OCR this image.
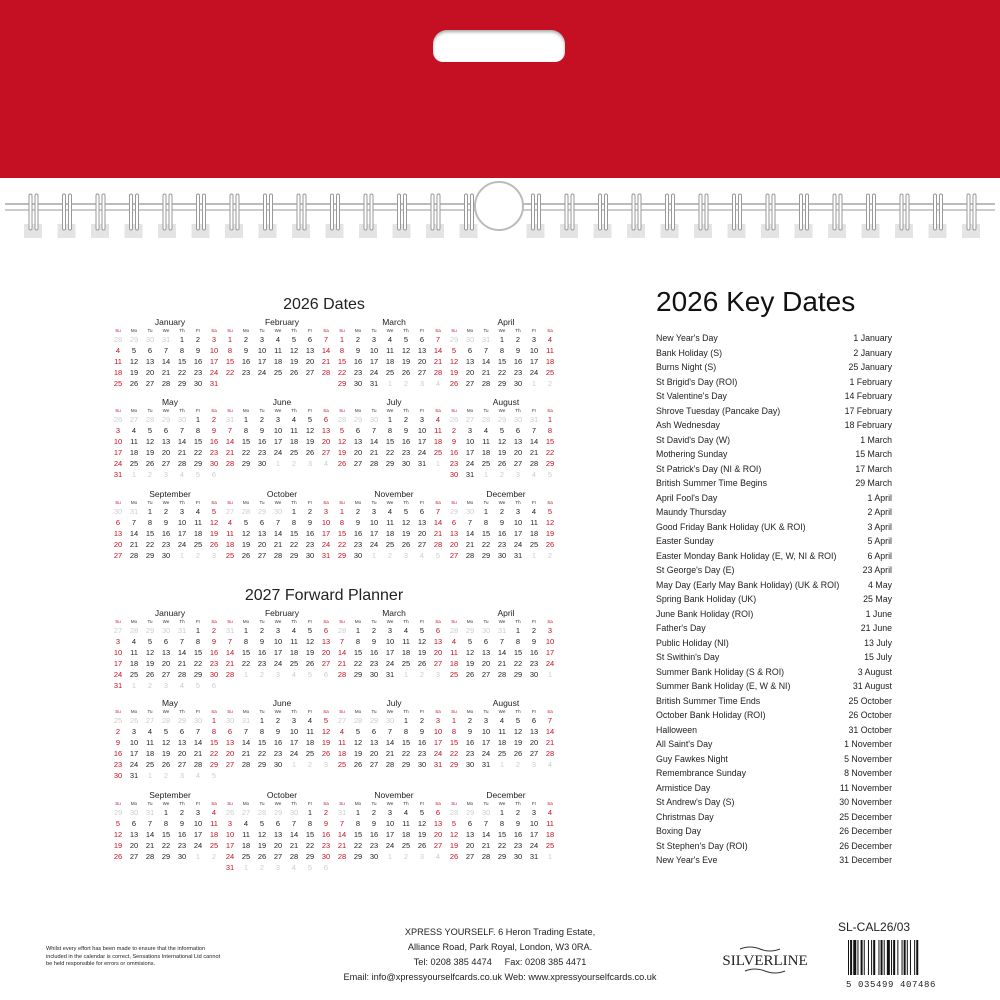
2026 Dates
2027 Forward Planner
January
Su	Mo	Tu	We	Th	Fr	Sa
28	29	30	31	1	2	3
4	5	6	7	8	9	10
11	12	13	14	15	16	17
18	19	20	21	22	23	24
25	26	27	28	29	30	31
February
Su	Mo	Tu	We	Th	Fr	Sa
1	2	3	4	5	6	7
8	9	10	11	12	13	14
15	16	17	18	19	20	21
22	23	24	25	26	27	28
March
Su	Mo	Tu	We	Th	Fr	Sa
1	2	3	4	5	6	7
8	9	10	11	12	13	14
15	16	17	18	19	20	21
22	23	24	25	26	27	28
29	30	31	1	2	3	4
April
Su	Mo	Tu	We	Th	Fr	Sa
29	30	31	1	2	3	4
5	6	7	8	9	10	11
12	13	14	15	16	17	18
19	20	21	22	23	24	25
26	27	28	29	30	1	2
May
Su	Mo	Tu	We	Th	Fr	Sa
26	27	28	29	30	1	2
3	4	5	6	7	8	9
10	11	12	13	14	15	16
17	18	19	20	21	22	23
24	25	26	27	28	29	30
31	1	2	3	4	5	6
June
Su	Mo	Tu	We	Th	Fr	Sa
31	1	2	3	4	5	6
7	8	9	10	11	12	13
14	15	16	17	18	19	20
21	22	23	24	25	26	27
28	29	30	1	2	3	4
July
Su	Mo	Tu	We	Th	Fr	Sa
28	29	30	1	2	3	4
5	6	7	8	9	10	11
12	13	14	15	16	17	18
19	20	21	22	23	24	25
26	27	28	29	30	31	1
August
Su	Mo	Tu	We	Th	Fr	Sa
26	27	28	29	30	31	1
2	3	4	5	6	7	8
9	10	11	12	13	14	15
16	17	18	19	20	21	22
23	24	25	26	27	28	29
30	31	1	2	3	4	5
September
Su	Mo	Tu	We	Th	Fr	Sa
30	31	1	2	3	4	5
6	7	8	9	10	11	12
13	14	15	16	17	18	19
20	21	22	23	24	25	26
27	28	29	30	1	2	3
October
Su	Mo	Tu	We	Th	Fr	Sa
27	28	29	30	1	2	3
4	5	6	7	8	9	10
11	12	13	14	15	16	17
18	19	20	21	22	23	24
25	26	27	28	29	30	31
November
Su	Mo	Tu	We	Th	Fr	Sa
1	2	3	4	5	6	7
8	9	10	11	12	13	14
15	16	17	18	19	20	21
22	23	24	25	26	27	28
29	30	1	2	3	4	5
December
Su	Mo	Tu	We	Th	Fr	Sa
29	30	1	2	3	4	5
6	7	8	9	10	11	12
13	14	15	16	17	18	19
20	21	22	23	24	25	26
27	28	29	30	31	1	2
January
Su	Mo	Tu	We	Th	Fr	Sa
27	28	29	30	31	1	2
3	4	5	6	7	8	9
10	11	12	13	14	15	16
17	18	19	20	21	22	23
24	25	26	27	28	29	30
31	1	2	3	4	5	6
February
Su	Mo	Tu	We	Th	Fr	Sa
31	1	2	3	4	5	6
7	8	9	10	11	12	13
14	15	16	17	18	19	20
21	22	23	24	25	26	27
28	1	2	3	4	5	6
March
Su	Mo	Tu	We	Th	Fr	Sa
28	1	2	3	4	5	6
7	8	9	10	11	12	13
14	15	16	17	18	19	20
21	22	23	24	25	26	27
28	29	30	31	1	2	3
April
Su	Mo	Tu	We	Th	Fr	Sa
28	29	30	31	1	2	3
4	5	6	7	8	9	10
11	12	13	14	15	16	17
18	19	20	21	22	23	24
25	26	27	28	29	30	1
May
Su	Mo	Tu	We	Th	Fr	Sa
25	26	27	28	29	30	1
2	3	4	5	6	7	8
9	10	11	12	13	14	15
16	17	18	19	20	21	22
23	24	25	26	27	28	29
30	31	1	2	3	4	5
June
Su	Mo	Tu	We	Th	Fr	Sa
30	31	1	2	3	4	5
6	7	8	9	10	11	12
13	14	15	16	17	18	19
20	21	22	23	24	25	26
27	28	29	30	1	2	3
July
Su	Mo	Tu	We	Th	Fr	Sa
27	28	29	30	1	2	3
4	5	6	7	8	9	10
11	12	13	14	15	16	17
18	19	20	21	22	23	24
25	26	27	28	29	30	31
August
Su	Mo	Tu	We	Th	Fr	Sa
1	2	3	4	5	6	7
8	9	10	11	12	13	14
15	16	17	18	19	20	21
22	23	24	25	26	27	28
29	30	31	1	2	3	4
September
Su	Mo	Tu	We	Th	Fr	Sa
29	30	31	1	2	3	4
5	6	7	8	9	10	11
12	13	14	15	16	17	18
19	20	21	22	23	24	25
26	27	28	29	30	1	2
October
Su	Mo	Tu	We	Th	Fr	Sa
26	27	28	29	30	1	2
3	4	5	6	7	8	9
10	11	12	13	14	15	16
17	18	19	20	21	22	23
24	25	26	27	28	29	30
31	1	2	3	4	5	6
November
Su	Mo	Tu	We	Th	Fr	Sa
31	1	2	3	4	5	6
7	8	9	10	11	12	13
14	15	16	17	18	19	20
21	22	23	24	25	26	27
28	29	30	1	2	3	4
December
Su	Mo	Tu	We	Th	Fr	Sa
28	29	30	1	2	3	4
5	6	7	8	9	10	11
12	13	14	15	16	17	18
19	20	21	22	23	24	25
26	27	28	29	30	31	1
2026 Key Dates
New Year's Day	1 January
Bank Holiday (S)	2 January
Burns Night (S)	25 January
St Brigid's Day (ROI)	1 February
St Valentine's Day	14 February
Shrove Tuesday (Pancake Day)	17 February
Ash Wednesday	18 February
St David's Day (W)	1 March
Mothering Sunday	15 March
St Patrick's Day (NI & ROI)	17 March
British Summer Time Begins	29 March
April Fool's Day	1 April
Maundy Thursday	2 April
Good Friday Bank Holiday (UK & ROI)	3 April
Easter Sunday	5 April
Easter Monday Bank Holiday (E, W, NI & ROI)	6 April
St George's Day (E)	23 April
May Day (Early May Bank Holiday) (UK & ROI)	4 May
Spring Bank Holiday (UK)	25 May
June Bank Holiday (ROI)	1 June
Father's Day	21 June
Public Holiday (NI)	13 July
St Swithin's Day	15 July
Summer Bank Holiday (S & ROI)	3 August
Summer Bank Holiday (E, W & NI)	31 August
British Summer Time Ends	25 October
October Bank Holiday (ROI)	26 October
Halloween	31 October
All Saint's Day	1 November
Guy Fawkes Night	5 November
Remembrance Sunday	8 November
Armistice Day	11 November
St Andrew's Day (S)	30 November
Christmas Day	25 December
Boxing Day	26 December
St Stephen's Day (ROI)	26 December
New Year's Eve	31 December
Whilst every effort has been made to ensure that the information included in the calendar is correct, Sensations International Ltd cannot be held responsible for errors or ommisions.
XPRESS YOURSELF. 6 Heron Trading Estate,
Alliance Road, Park Royal, London, W3 0RA.
Tel: 0208 385 4474     Fax: 0208 385 4471
Email: info@xpressyourselfcards.co.uk Web: www.xpressyourselfcards.co.uk
SILVERLINE
SL-CAL26/03
5 035499 407486
